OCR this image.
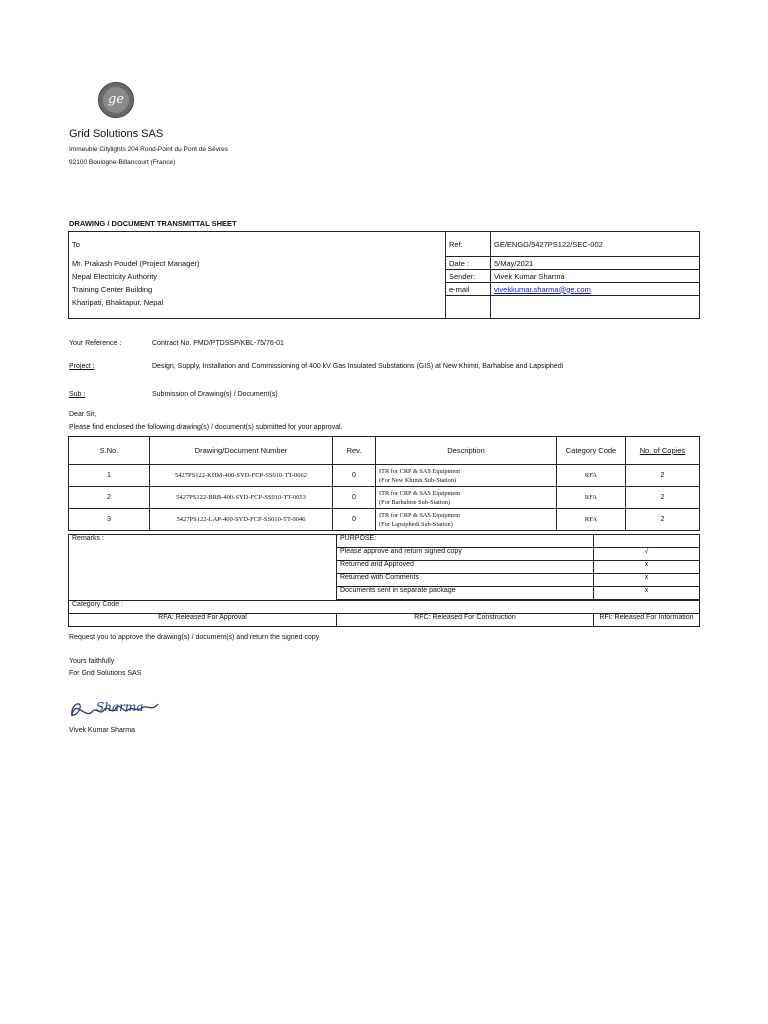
ge
Grid Solutions SAS
Immeuble Citylights 204 Rond-Point du Pont de Sèvres
92100 Boulogne-Billancourt (France)
DRAWING / DOCUMENT TRANSMITTAL SHEET
To
Mr. Prakash Poudel (Project Manager)
Nepal Electricity Authority
Training Center Building
Kharipati, Bhaktapur, Nepal	Ref:	GE/ENGG/5427PS122/SEC-002
	Date :	5/May/2021
	Sender:	Vivek Kumar Sharma
	e-mail	vivekkumar.sharma@ge.com

Your Reference :	Contract No. PMD/PTDSSP/KBL-75/76-01
Project :	Design, Supply, Installation and Commissioning of 400 kV Gas Insulated Substations (GIS) at New Khimti, Barhabise and Lapsiphedi
Sub :	Submission of Drawing(s) / Document(s)
Dear Sir,
Please find enclosed the following drawing(s) / document(s) submitted for your approval.
S.No.	Drawing/Document Number	Rev.	Description	Category Code	No. of Copies
1	5427PS122-KHM-400-SYD-FCP-SS010-TT-0062	0	ITR for CRP & SAS Equipment
(For New Khimti Sub-Station)	RFA	2
2	5427PS122-BRB-400-SYD-FCP-SS010-TT-0053	0	ITR for CRP & SAS Equipment
(For Barhabise Sub-Station)	RFA	2
3	5427PS122-LAP-400-SYD-FCP-SS010-TT-0046	0	ITR for CRP & SAS Equipment
(For Lapsiphedi Sub-Station)	RFA	2
Remarks :	PURPOSE:	
	Please approve and return signed copy	√
	Returned and Approved	x
	Returned with Comments	x
	Documents sent in separate package	x

Category Code :		
RFA: Released For Approval	RFC: Released For Construction	RFI: Released For Information
Request you to approve the drawing(s) / document(s) and return the signed copy
Yours faithfully
For Grid Solutions SAS
Sharma
Vivek Kumar Sharma
